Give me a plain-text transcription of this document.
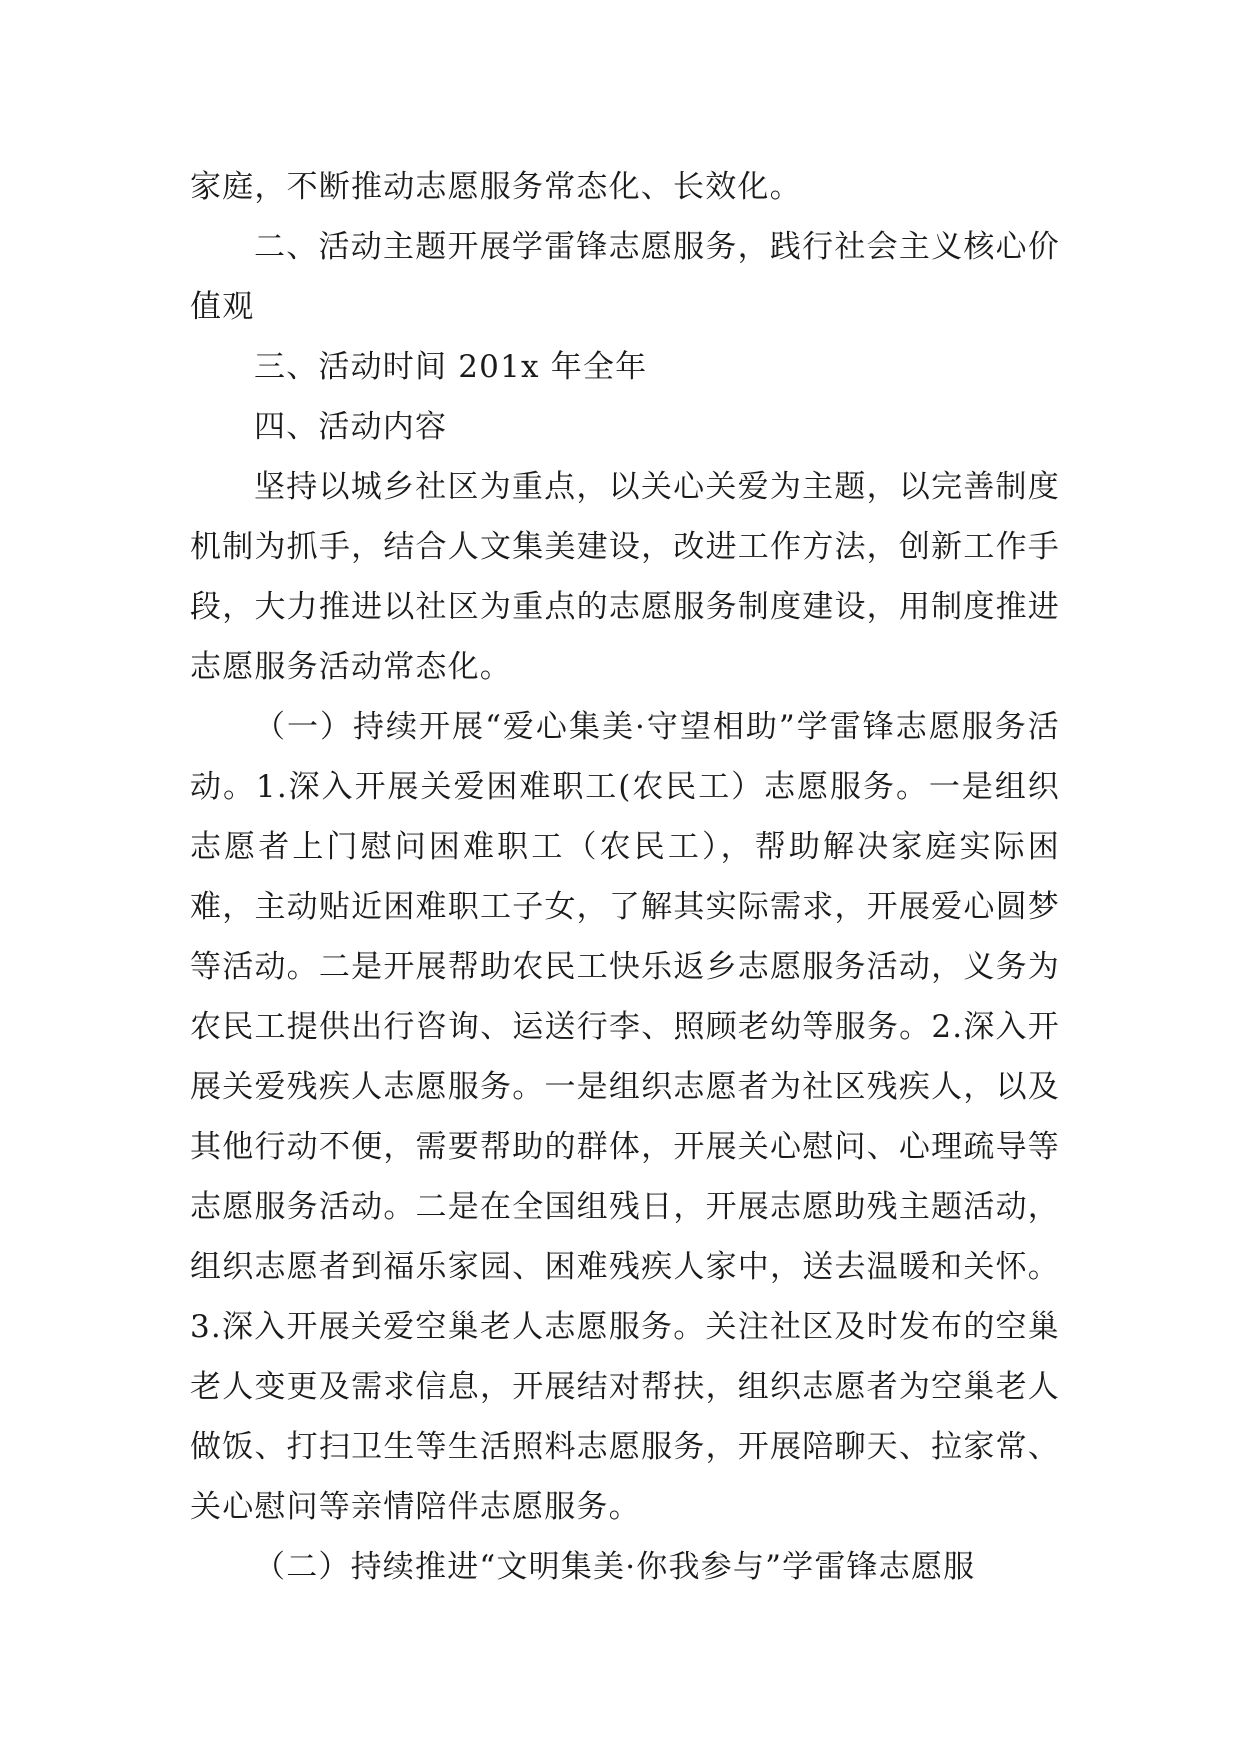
家庭，不断推动志愿服务常态化、长效化。

二、活动主题开展学雷锋志愿服务，践行社会主义核心价值观

三、活动时间 201x 年全年

四、活动内容

坚持以城乡社区为重点，以关心关爱为主题，以完善制度机制为抓手，结合人文集美建设，改进工作方法，创新工作手段，大力推进以社区为重点的志愿服务制度建设，用制度推进志愿服务活动常态化。

（一）持续开展“爱心集美·守望相助”学雷锋志愿服务活动。1.深入开展关爱困难职工(农民工）志愿服务。一是组织志愿者上门慰问困难职工（农民工），帮助解决家庭实际困难，主动贴近困难职工子女，了解其实际需求，开展爱心圆梦等活动。二是开展帮助农民工快乐返乡志愿服务活动，义务为农民工提供出行咨询、运送行李、照顾老幼等服务。2.深入开展关爱残疾人志愿服务。一是组织志愿者为社区残疾人，以及其他行动不便，需要帮助的群体，开展关心慰问、心理疏导等志愿服务活动。二是在全国组残日，开展志愿助残主题活动，组织志愿者到福乐家园、困难残疾人家中，送去温暖和关怀。3.深入开展关爱空巢老人志愿服务。关注社区及时发布的空巢老人变更及需求信息，开展结对帮扶，组织志愿者为空巢老人做饭、打扫卫生等生活照料志愿服务，开展陪聊天、拉家常、关心慰问等亲情陪伴志愿服务。

（二）持续推进“文明集美·你我参与”学雷锋志愿服
